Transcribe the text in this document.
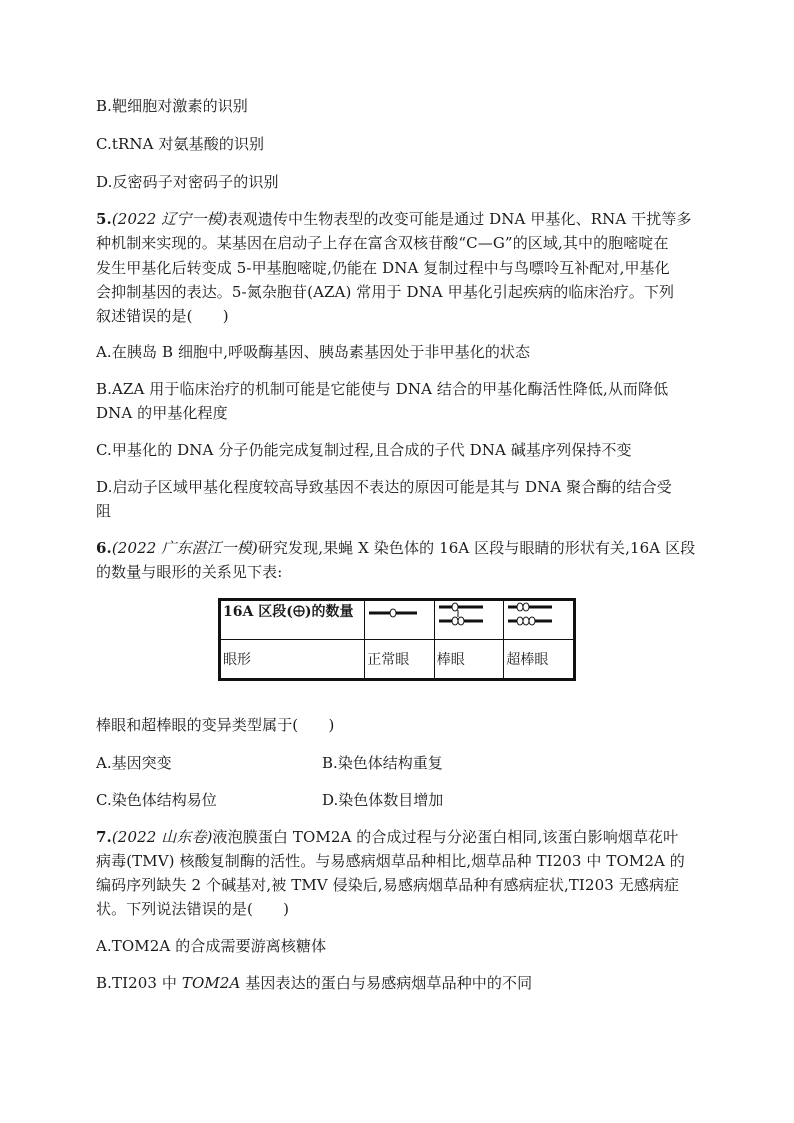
B.靶细胞对激素的识别
C.tRNA 对氨基酸的识别
D.反密码子对密码子的识别
5.(2022 辽宁一模)表观遗传中生物表型的改变可能是通过 DNA 甲基化、RNA 干扰等多
种机制来实现的。某基因在启动子上存在富含双核苷酸“C—G”的区域,其中的胞嘧啶在
发生甲基化后转变成 5-甲基胞嘧啶,仍能在 DNA 复制过程中与鸟嘌呤互补配对,甲基化
会抑制基因的表达。5-氮杂胞苷(AZA) 常用于 DNA 甲基化引起疾病的临床治疗。下列
叙述错误的是(　　)
A.在胰岛 B 细胞中,呼吸酶基因、胰岛素基因处于非甲基化的状态
B.AZA 用于临床治疗的机制可能是它能使与 DNA 结合的甲基化酶活性降低,从而降低
DNA 的甲基化程度
C.甲基化的 DNA 分子仍能完成复制过程,且合成的子代 DNA 碱基序列保持不变
D.启动子区域甲基化程度较高导致基因不表达的原因可能是其与 DNA 聚合酶的结合受
阻
6.(2022 广东湛江一模)研究发现,果蝇 X 染色体的 16A 区段与眼睛的形状有关,16A 区段
的数量与眼形的关系见下表:
16A 区段( )的数量	

眼形	正常眼	棒眼	超棒眼
棒眼和超棒眼的变异类型属于(　　)
A.基因突变	B.染色体结构重复
C.染色体结构易位	D.染色体数目增加
7.(2022 山东卷)液泡膜蛋白 TOM2A 的合成过程与分泌蛋白相同,该蛋白影响烟草花叶
病毒(TMV) 核酸复制酶的活性。与易感病烟草品种相比,烟草品种 TI203 中 TOM2A 的
编码序列缺失 2 个碱基对,被 TMV 侵染后,易感病烟草品种有感病症状,TI203 无感病症
状。下列说法错误的是(　　)
A.TOM2A 的合成需要游离核糖体
B.TI203 中 TOM2A 基因表达的蛋白与易感病烟草品种中的不同
